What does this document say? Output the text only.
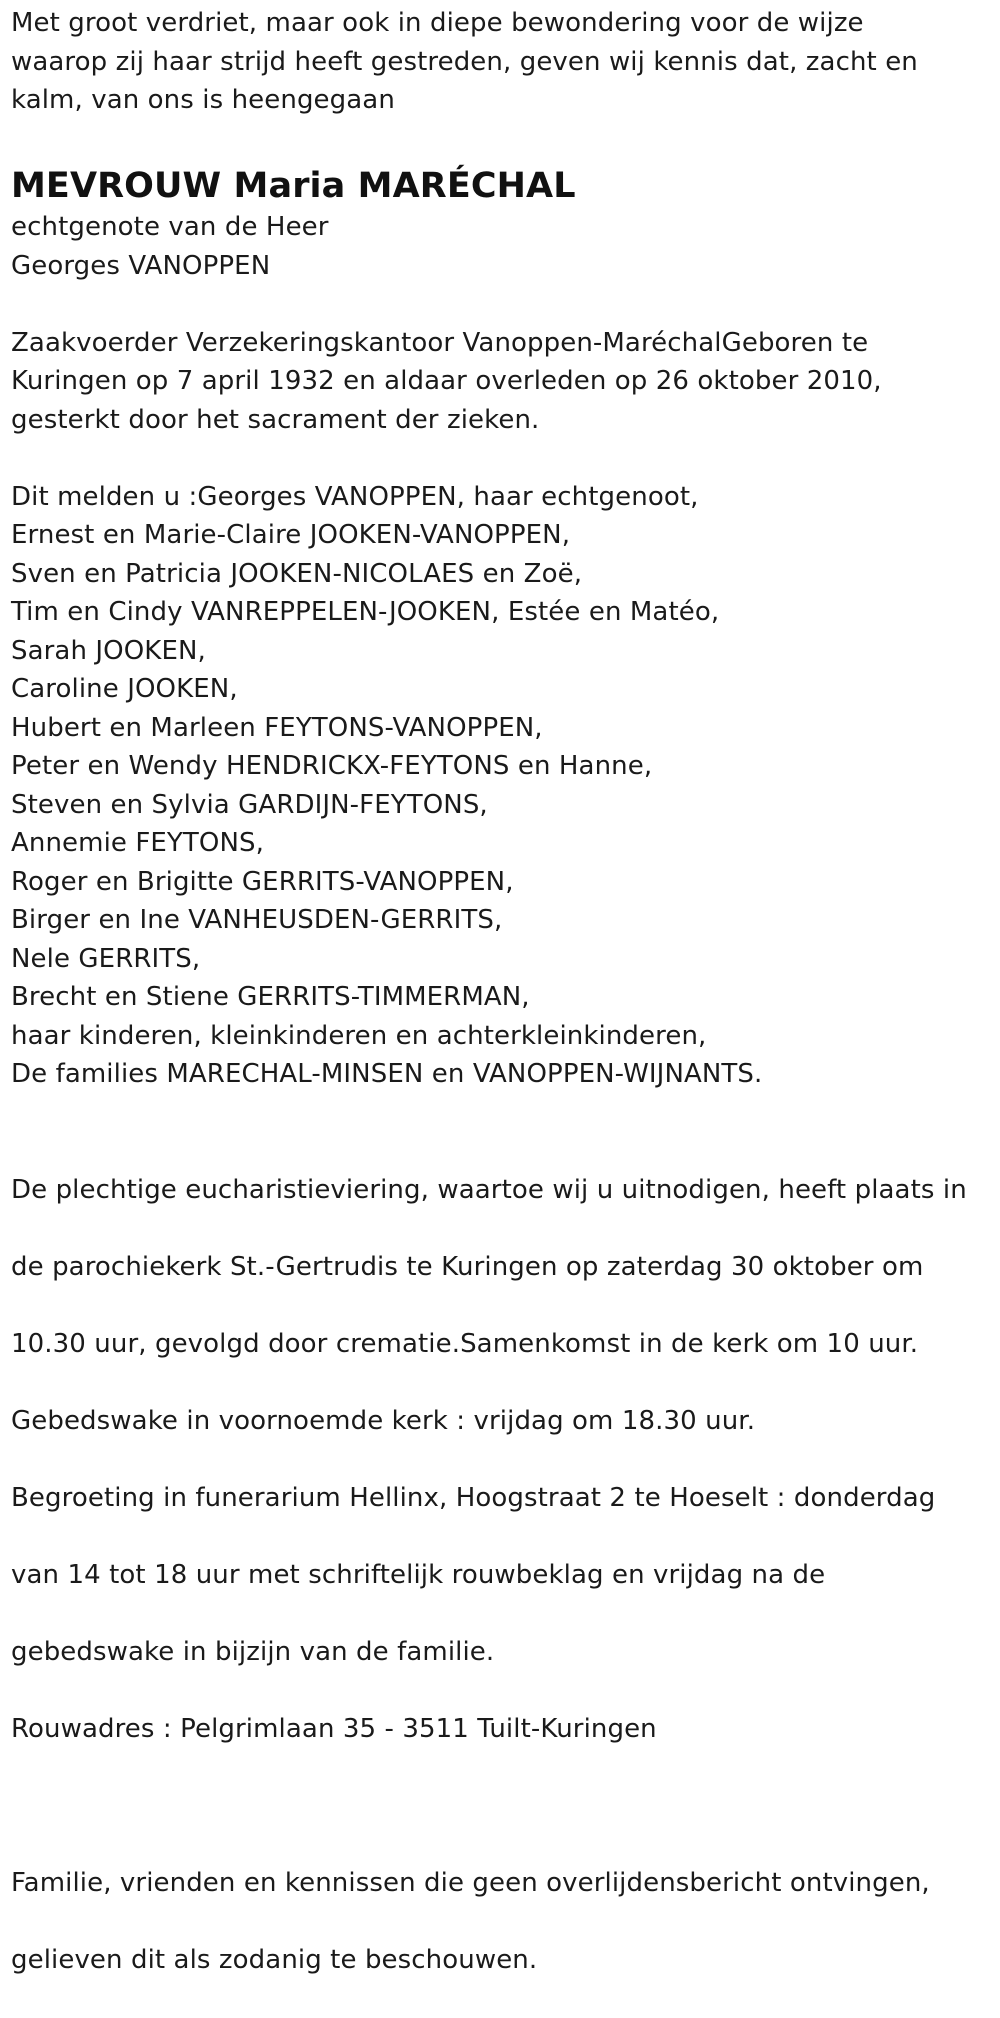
Met groot verdriet, maar ook in diepe bewondering voor de wijze
waarop zij haar strijd heeft gestreden, geven wij kennis dat, zacht en
kalm, van ons is heengegaan

MEVROUW Maria MARÉCHAL
echtgenote van de Heer
Georges VANOPPEN

Zaakvoerder Verzekeringskantoor Vanoppen-MaréchalGeboren te
Kuringen op 7 april 1932 en aldaar overleden op 26 oktober 2010,
gesterkt door het sacrament der zieken.

Dit melden u :Georges VANOPPEN, haar echtgenoot,
Ernest en Marie-Claire JOOKEN-VANOPPEN,
Sven en Patricia JOOKEN-NICOLAES en Zoë,
Tim en Cindy VANREPPELEN-JOOKEN, Estée en Matéo,
Sarah JOOKEN,
Caroline JOOKEN,
Hubert en Marleen FEYTONS-VANOPPEN,
Peter en Wendy HENDRICKX-FEYTONS en Hanne,
Steven en Sylvia GARDIJN-FEYTONS,
Annemie FEYTONS,
Roger en Brigitte GERRITS-VANOPPEN,
Birger en Ine VANHEUSDEN-GERRITS,
Nele GERRITS,
Brecht en Stiene GERRITS-TIMMERMAN,
haar kinderen, kleinkinderen en achterkleinkinderen,
De families MARECHAL-MINSEN en VANOPPEN-WIJNANTS.

De plechtige eucharistieviering, waartoe wij u uitnodigen, heeft plaats in

de parochiekerk St.-Gertrudis te Kuringen op zaterdag 30 oktober om

10.30 uur, gevolgd door crematie.Samenkomst in de kerk om 10 uur.

Gebedswake in voornoemde kerk : vrijdag om 18.30 uur.

Begroeting in funerarium Hellinx, Hoogstraat 2 te Hoeselt : donderdag

van 14 tot 18 uur met schriftelijk rouwbeklag en vrijdag na de

gebedswake in bijzijn van de familie.

Rouwadres : Pelgrimlaan 35 - 3511 Tuilt-Kuringen

Familie, vrienden en kennissen die geen overlijdensbericht ontvingen,

gelieven dit als zodanig te beschouwen.
